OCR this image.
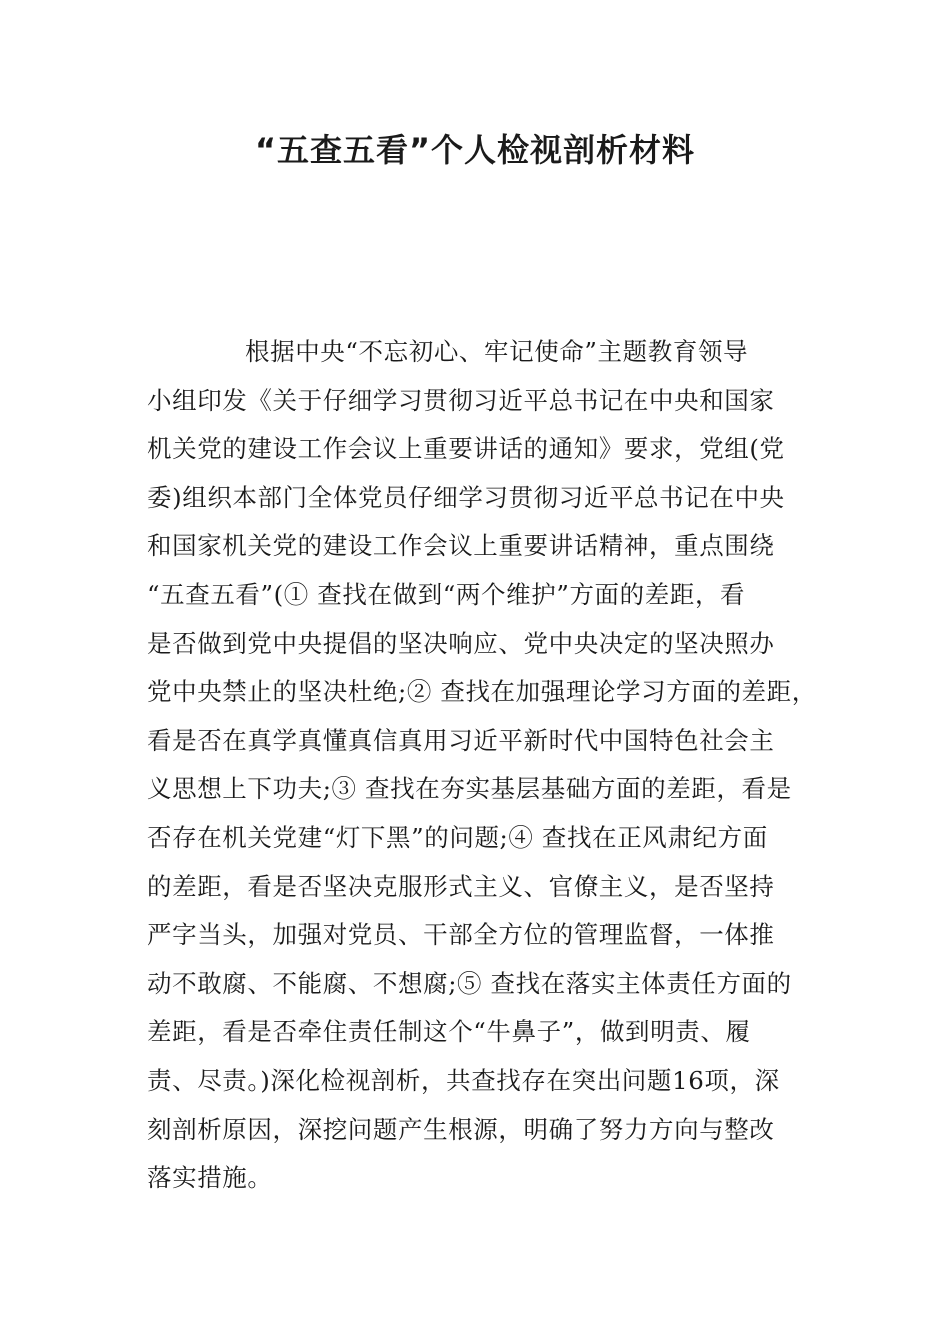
“五查五看”个人检视剖析材料
根据中央“不忘初心、牢记使命”主题教育领导
小组印发《关于仔细学习贯彻习近平总书记在中央和国家
机关党的建设工作会议上重要讲话的通知》要求，党组(党
委)组织本部门全体党员仔细学习贯彻习近平总书记在中央
和国家机关党的建设工作会议上重要讲话精神，重点围绕
“五查五看”(① 查找在做到“两个维护”方面的差距，看
是否做到党中央提倡的坚决响应、党中央决定的坚决照办
党中央禁止的坚决杜绝;② 查找在加强理论学习方面的差距，
看是否在真学真懂真信真用习近平新时代中国特色社会主
义思想上下功夫;③ 查找在夯实基层基础方面的差距，看是
否存在机关党建“灯下黑”的问题;④ 查找在正风肃纪方面
的差距，看是否坚决克服形式主义、官僚主义，是否坚持
严字当头，加强对党员、干部全方位的管理监督，一体推
动不敢腐、不能腐、不想腐;⑤ 查找在落实主体责任方面的
差距，看是否牵住责任制这个“牛鼻子”，做到明责、履
责、尽责。)深化检视剖析，共查找存在突出问题16项，深
刻剖析原因，深挖问题产生根源，明确了努力方向与整改
落实措施。
